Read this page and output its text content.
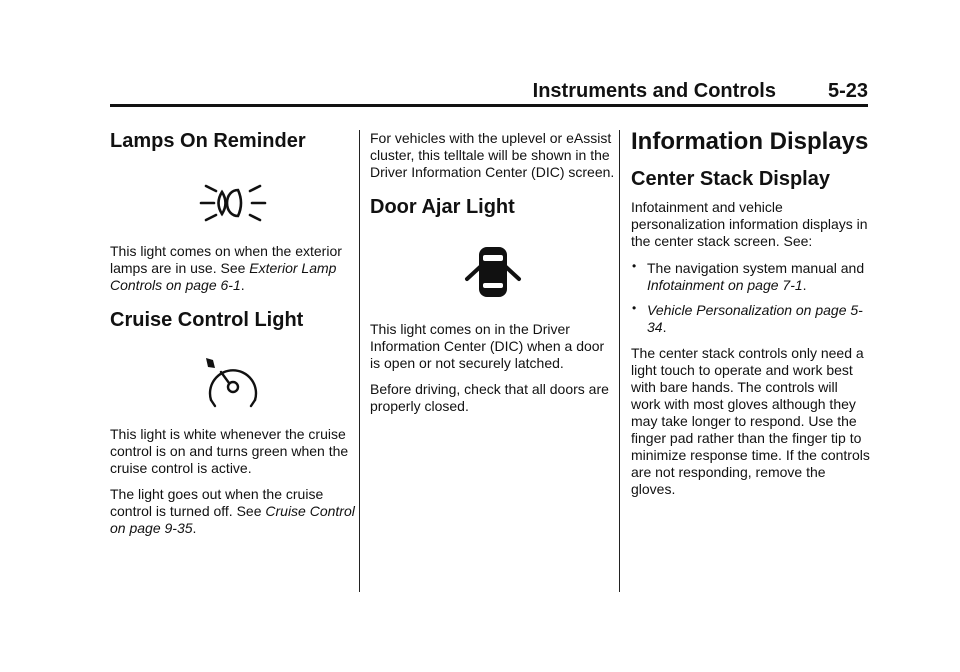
Instruments and Controls	5-23
Lamps On Reminder

This light comes on when the exterior lamps are in use. See Exterior Lamp Controls on page 6-1.

Cruise Control Light

This light is white whenever the cruise control is on and turns green when the cruise control is active.

The light goes out when the cruise control is turned off. See Cruise Control on page 9-35.

For vehicles with the uplevel or eAssist cluster, this telltale will be shown in the Driver Information Center (DIC) screen.

Door Ajar Light

This light comes on in the Driver Information Center (DIC) when a door is open or not securely latched.

Before driving, check that all doors are properly closed.

Information Displays
Center Stack Display

Infotainment and vehicle personalization information displays in the center stack screen. See:

• The navigation system manual and Infotainment on page 7-1.
• Vehicle Personalization on page 5-34.

The center stack controls only need a light touch to operate and work best with bare hands. The controls will work with most gloves although they may take longer to respond. Use the finger pad rather than the finger tip to minimize response time. If the controls are not responding, remove the gloves.
